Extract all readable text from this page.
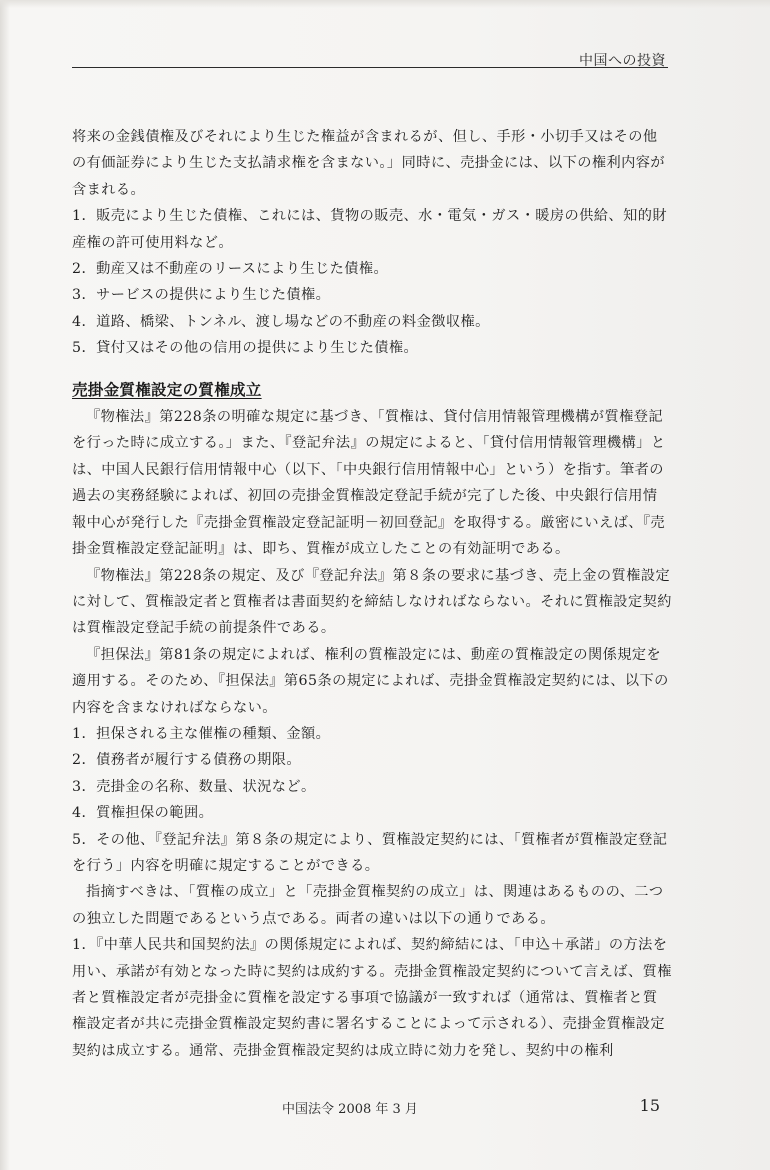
中国への投資

将来の金銭債権及びそれにより生じた権益が含まれるが、但し、手形・小切手又はその他の有価証券により生じた支払請求権を含まない。」同時に、売掛金には、以下の権利内容が含まれる。

1．販売により生じた債権、これには、貨物の販売、水・電気・ガス・暖房の供給、知的財産権の許可使用料など。

2．動産又は不動産のリースにより生じた債権。

3．サービスの提供により生じた債権。

4．道路、橋梁、トンネル、渡し場などの不動産の料金徴収権。

5．貸付又はその他の信用の提供により生じた債権。

売掛金質権設定の質権成立

『物権法』第228条の明確な規定に基づき、「質権は、貸付信用情報管理機構が質権登記を行った時に成立する。」また、『登記弁法』の規定によると、「貸付信用情報管理機構」とは、中国人民銀行信用情報中心（以下、「中央銀行信用情報中心」という）を指す。筆者の過去の実務経験によれば、初回の売掛金質権設定登記手続が完了した後、中央銀行信用情報中心が発行した『売掛金質権設定登記証明－初回登記』を取得する。厳密にいえば、『売掛金質権設定登記証明』は、即ち、質権が成立したことの有効証明である。

『物権法』第228条の規定、及び『登記弁法』第８条の要求に基づき、売上金の質権設定に対して、質権設定者と質権者は書面契約を締結しなければならない。それに質権設定契約は質権設定登記手続の前提条件である。

『担保法』第81条の規定によれば、権利の質権設定には、動産の質権設定の関係規定を適用する。そのため、『担保法』第65条の規定によれば、売掛金質権設定契約には、以下の内容を含まなければならない。

1．担保される主な催権の種類、金額。

2．債務者が履行する債務の期限。

3．売掛金の名称、数量、状況など。

4．質権担保の範囲。

5．その他、『登記弁法』第８条の規定により、質権設定契約には、「質権者が質権設定登記を行う」内容を明確に規定することができる。

指摘すべきは、「質権の成立」と「売掛金質権契約の成立」は、関連はあるものの、二つの独立した問題であるという点である。両者の違いは以下の通りである。

1．『中華人民共和国契約法』の関係規定によれば、契約締結には、「申込＋承諾」の方法を用い、承諾が有効となった時に契約は成約する。売掛金質権設定契約について言えば、質権者と質権設定者が売掛金に質権を設定する事項で協議が一致すれば（通常は、質権者と質権設定者が共に売掛金質権設定契約書に署名することによって示される）、売掛金質権設定契約は成立する。通常、売掛金質権設定契約は成立時に効力を発し、契約中の権利

中国法令 2008 年 3 月	15
